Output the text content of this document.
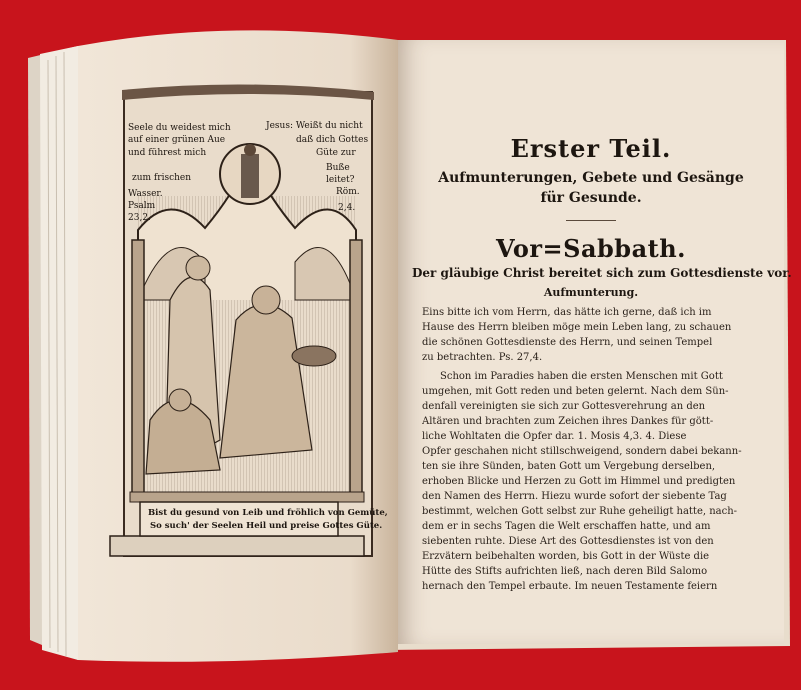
Seele du weidest mich
auf einer grünen Aue
und führest mich
zum frischen
Wasser.
Psalm
23,2.
Jesus: Weißt du nicht
daß dich Gottes
Güte zur
Buße
leitet?
Röm.
2,4.
Bist du gesund von Leib und fröhlich von Gemüte,
So such' der Seelen Heil und preise Gottes Güte.
Erster Teil.
Aufmunterungen, Gebete und Gesänge
für Gesunde.
Vor=Sabbath.
Der gläubige Christ bereitet sich zum Gottesdienste vor.
Aufmunterung.
Eins bitte ich vom Herrn, das hätte ich gerne, daß ich im
Hause des Herrn bleiben möge mein Leben lang, zu schauen
die schönen Gottesdienste des Herrn, und seinen Tempel
zu betrachten. Ps. 27,4.
Schon im Paradies haben die ersten Menschen mit Gott
umgehen, mit Gott reden und beten gelernt. Nach dem Sün-
denfall vereinigten sie sich zur Gottesverehrung an den
Altären und brachten zum Zeichen ihres Dankes für gött-
liche Wohltaten die Opfer dar. 1. Mosis 4,3. 4. Diese
Opfer geschahen nicht stillschweigend, sondern dabei bekann-
ten sie ihre Sünden, baten Gott um Vergebung derselben,
erhoben Blicke und Herzen zu Gott im Himmel und predigten
den Namen des Herrn. Hiezu wurde sofort der siebente Tag
bestimmt, welchen Gott selbst zur Ruhe geheiligt hatte, nach-
dem er in sechs Tagen die Welt erschaffen hatte, und am
siebenten ruhte. Diese Art des Gottesdienstes ist von den
Erzvätern beibehalten worden, bis Gott in der Wüste die
Hütte des Stifts aufrichten ließ, nach deren Bild Salomo
hernach den Tempel erbaute. Im neuen Testamente feiern
